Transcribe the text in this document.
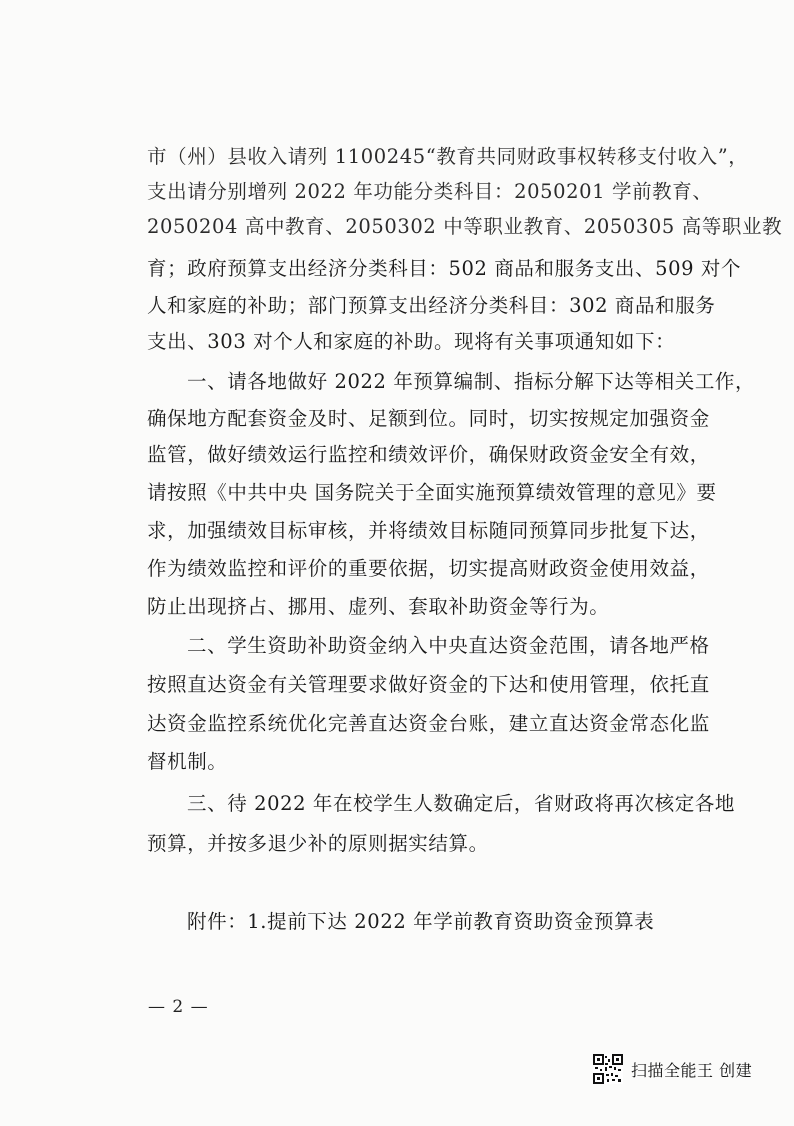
市（州）县收入请列 1100245“教育共同财政事权转移支付收入”，
支出请分别增列 2022 年功能分类科目：2050201 学前教育、
2050204 高中教育、2050302 中等职业教育、2050305 高等职业教
育；政府预算支出经济分类科目：502 商品和服务支出、509 对个
人和家庭的补助；部门预算支出经济分类科目：302 商品和服务
支出、303 对个人和家庭的补助。现将有关事项通知如下：
一、请各地做好 2022 年预算编制、指标分解下达等相关工作，
确保地方配套资金及时、足额到位。同时，切实按规定加强资金
监管，做好绩效运行监控和绩效评价，确保财政资金安全有效，
请按照《中共中央 国务院关于全面实施预算绩效管理的意见》要
求，加强绩效目标审核，并将绩效目标随同预算同步批复下达，
作为绩效监控和评价的重要依据，切实提高财政资金使用效益，
防止出现挤占、挪用、虚列、套取补助资金等行为。
二、学生资助补助资金纳入中央直达资金范围，请各地严格
按照直达资金有关管理要求做好资金的下达和使用管理，依托直
达资金监控系统优化完善直达资金台账，建立直达资金常态化监
督机制。
三、待 2022 年在校学生人数确定后，省财政将再次核定各地
预算，并按多退少补的原则据实结算。
附件：1.提前下达 2022 年学前教育资助资金预算表
— 2 —
扫描全能王 创建
